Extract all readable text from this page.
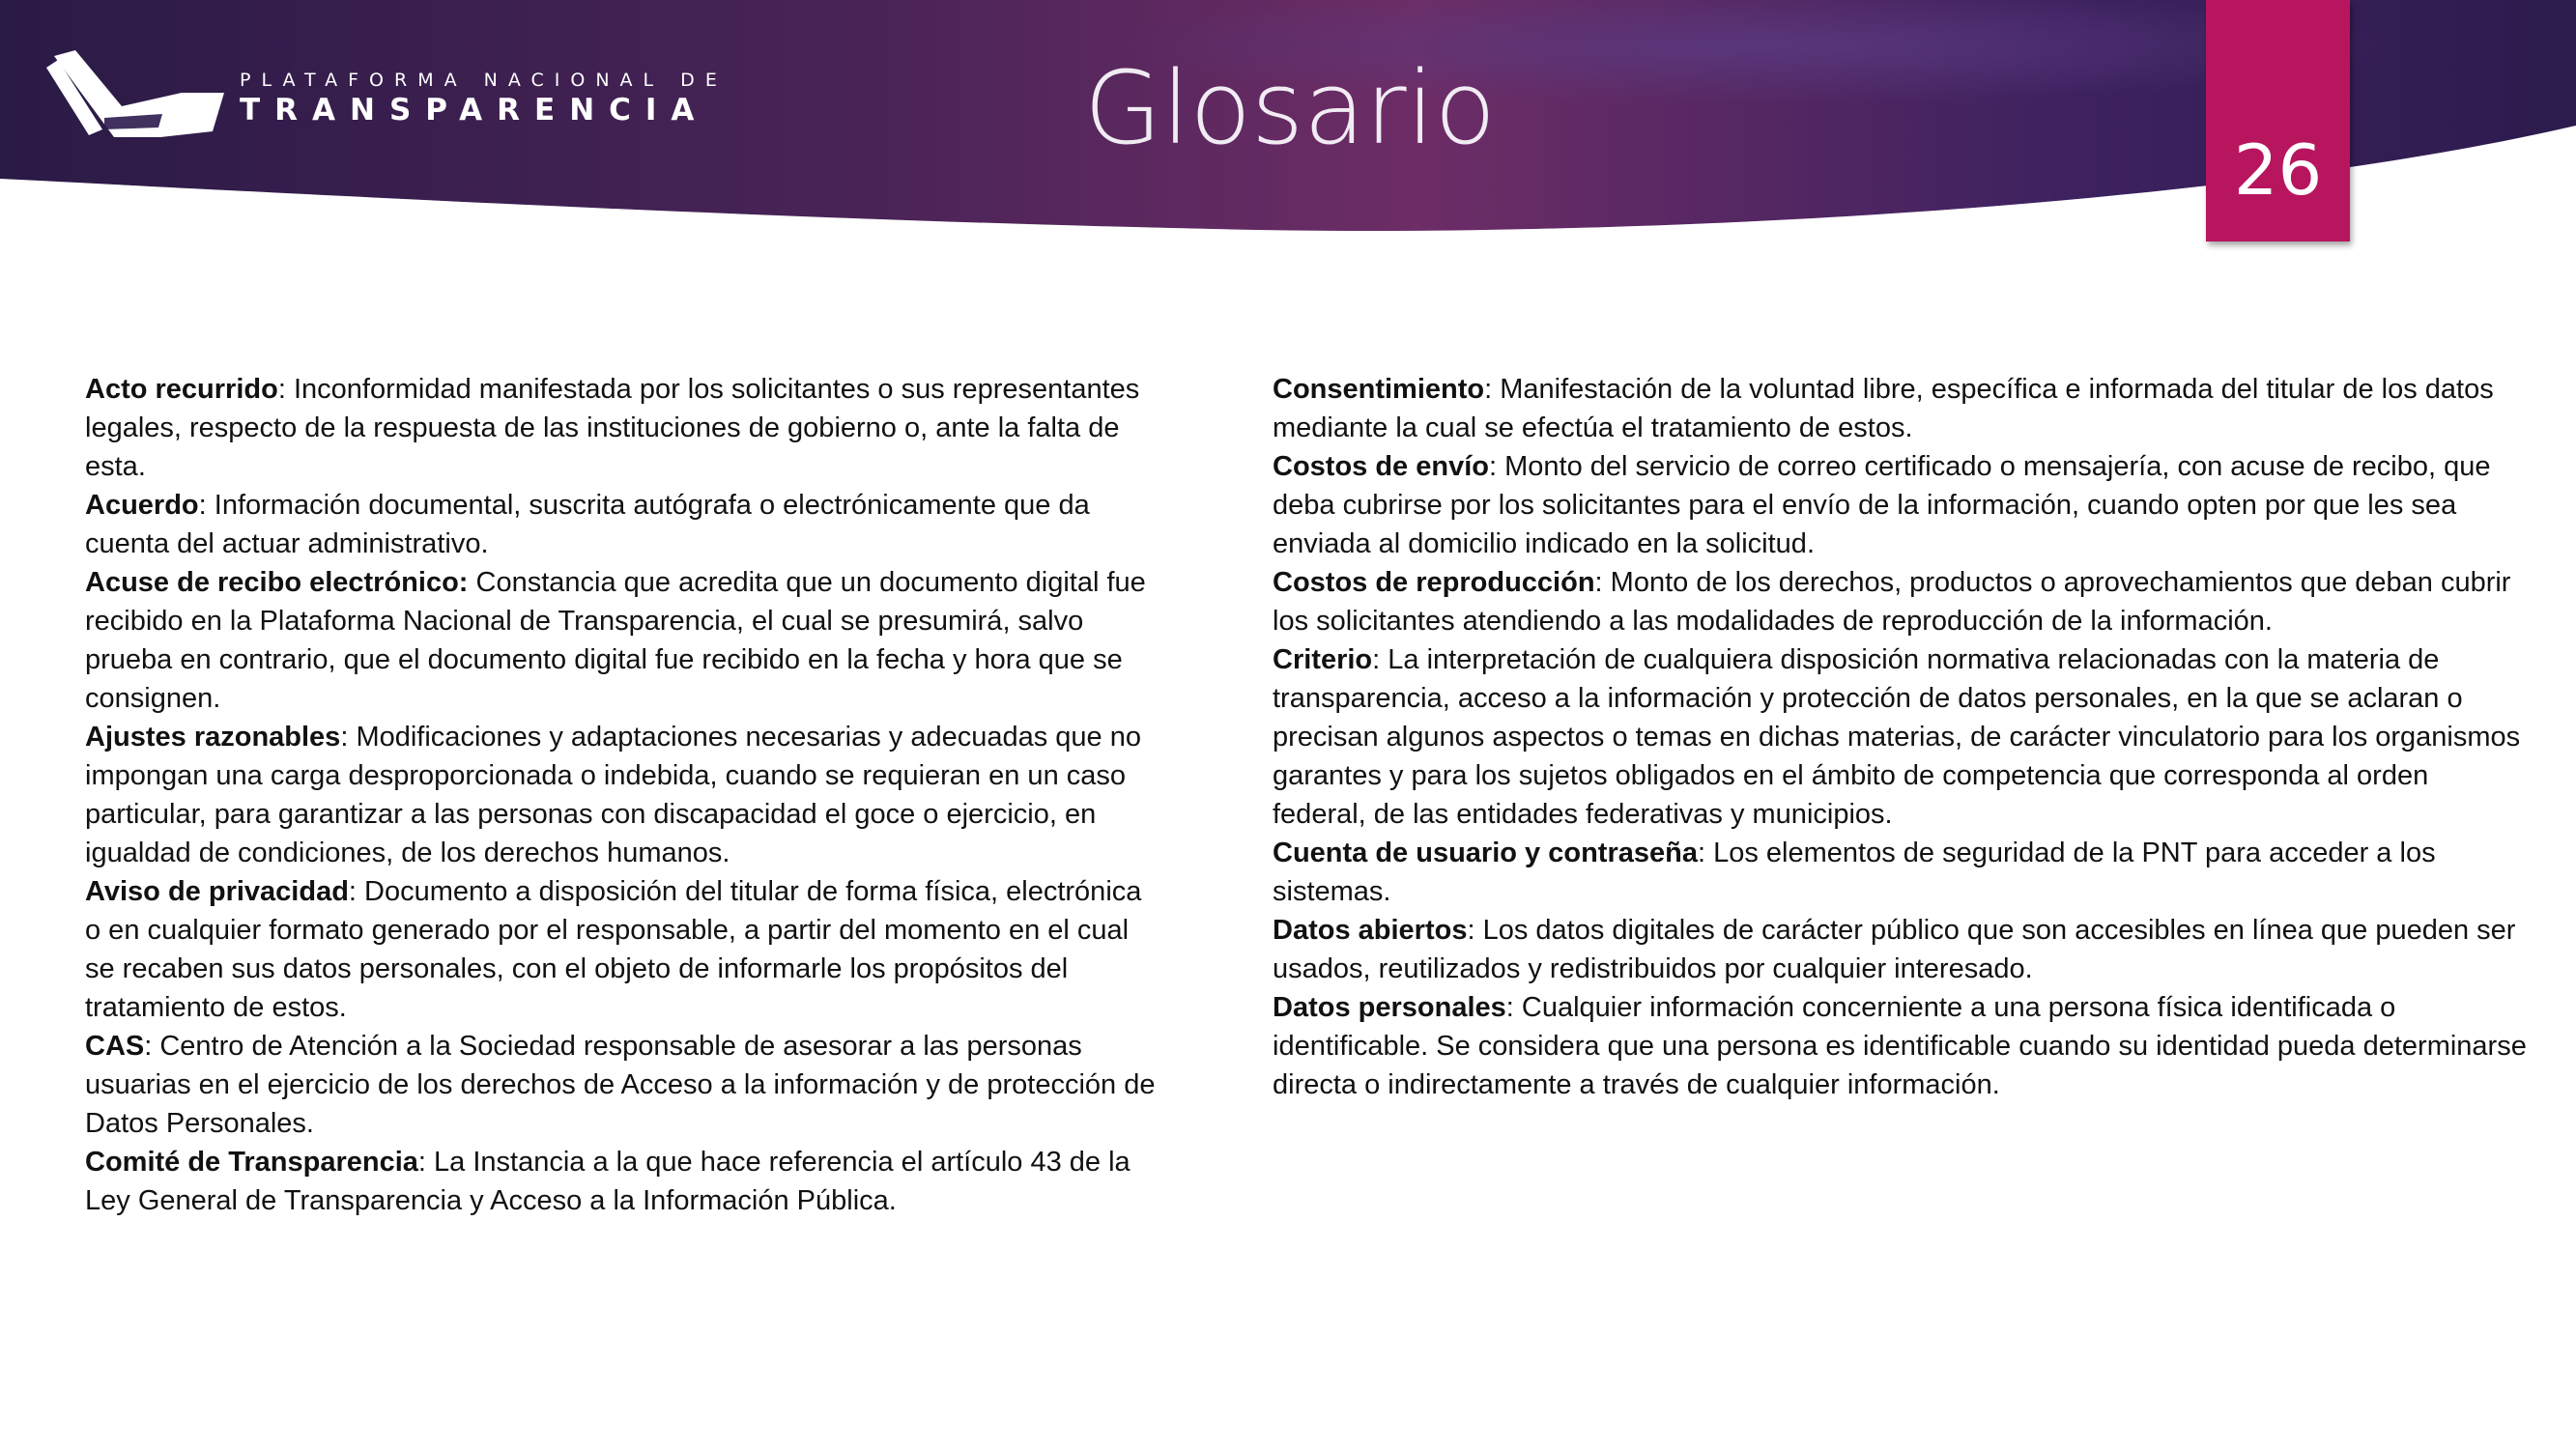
PLATAFORMA NACIONAL DE
TRANSPARENCIA	Glosario
26

Acto recurrido: Inconformidad manifestada por los solicitantes o sus representantes legales, respecto de la respuesta de las instituciones de gobierno o, ante la falta de esta.

Acuerdo: Información documental, suscrita autógrafa o electrónicamente que da cuenta del actuar administrativo.

Acuse de recibo electrónico: Constancia que acredita que un documento digital fue recibido en la Plataforma Nacional de Transparencia, el cual se presumirá, salvo prueba en contrario, que el documento digital fue recibido en la fecha y hora que se consignen.

Ajustes razonables: Modificaciones y adaptaciones necesarias y adecuadas que no impongan una carga desproporcionada o indebida, cuando se requieran en un caso particular, para garantizar a las personas con discapacidad el goce o ejercicio, en igualdad de condiciones, de los derechos humanos.

Aviso de privacidad: Documento a disposición del titular de forma física, electrónica o en cualquier formato generado por el responsable, a partir del momento en el cual se recaben sus datos personales, con el objeto de informarle los propósitos del tratamiento de estos.

CAS: Centro de Atención a la Sociedad responsable de asesorar a las personas usuarias en el ejercicio de los derechos de Acceso a la información y de protección de Datos Personales.

Comité de Transparencia: La Instancia a la que hace referencia el artículo 43 de la Ley General de Transparencia y Acceso a la Información Pública.

Consentimiento: Manifestación de la voluntad libre, específica e informada del titular de los datos mediante la cual se efectúa el tratamiento de estos.

Costos de envío: Monto del servicio de correo certificado o mensajería, con acuse de recibo, que deba cubrirse por los solicitantes para el envío de la información, cuando opten por que les sea enviada al domicilio indicado en la solicitud.

Costos de reproducción: Monto de los derechos, productos o aprovechamientos que deban cubrir los solicitantes atendiendo a las modalidades de reproducción de la información.

Criterio: La interpretación de cualquiera disposición normativa relacionadas con la materia de transparencia, acceso a la información y protección de datos personales, en la que se aclaran o precisan algunos aspectos o temas en dichas materias, de carácter vinculatorio para los organismos garantes y para los sujetos obligados en el ámbito de competencia que corresponda al orden federal, de las entidades federativas y municipios.

Cuenta de usuario y contraseña: Los elementos de seguridad de la PNT para acceder a los sistemas.

Datos abiertos: Los datos digitales de carácter público que son accesibles en línea que pueden ser usados, reutilizados y redistribuidos por cualquier interesado.

Datos personales: Cualquier información concerniente a una persona física identificada o identificable. Se considera que una persona es identificable cuando su identidad pueda determinarse directa o indirectamente a través de cualquier información.
